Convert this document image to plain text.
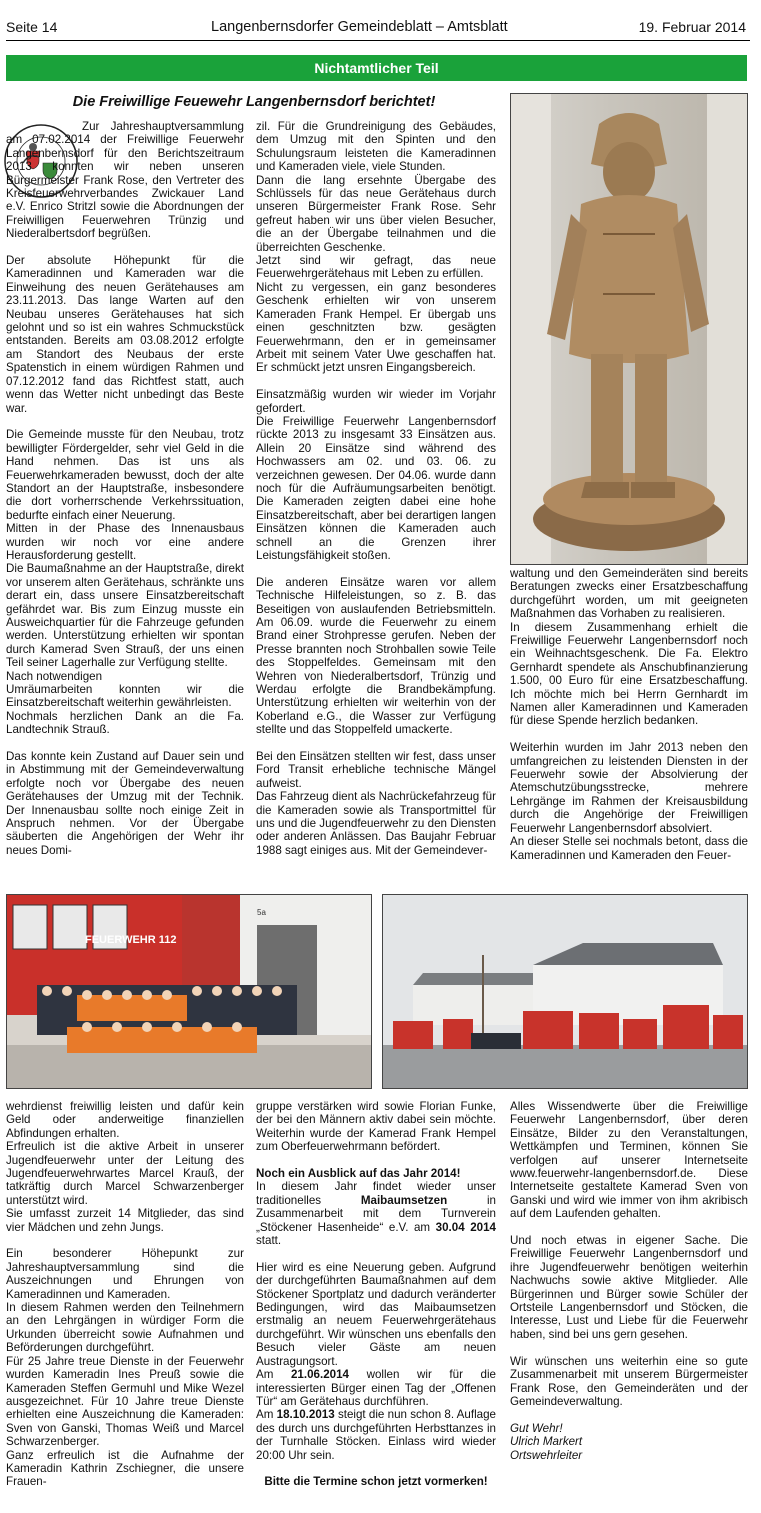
Seite 14	Langenbernsdorfer Gemeindeblatt – Amtsblatt	19. Februar 2014
Nichtamtlicher Teil
Die Freiwillige Feuewehr Langenbernsdorf berichtet!

Zur Jahreshauptversammlung am 07.02.2014 der Freiwillige Feuerwehr Langenbernsdorf für den Berichtszeitraum 2013 konnten wir neben unseren Bürgermeister Frank Rose, den Vertreter des Kreisfeuerwehrverbandes Zwickauer Land e.V. Enrico Stritzl sowie die Abordnungen der Freiwilligen Feuerwehren Trünzig und Niederalbertsdorf begrüßen.

Der absolute Höhepunkt für die Kameradinnen und Kameraden war die Einweihung des neuen Gerätehauses am 23.11.2013. Das lange Warten auf den Neubau unseres Gerätehauses hat sich gelohnt und so ist ein wahres Schmuckstück entstanden. Bereits am 03.08.2012 erfolgte am Standort des Neubaus der erste Spatenstich in einem würdigen Rahmen und 07.12.2012 fand das Richtfest statt, auch wenn das Wetter nicht unbedingt das Beste war.

Die Gemeinde musste für den Neubau, trotz bewilligter Fördergelder, sehr viel Geld in die Hand nehmen. Das ist uns als Feuerwehrkameraden bewusst, doch der alte Standort an der Hauptstraße, insbesondere die dort vorherrschende Verkehrssituation, bedurfte einfach einer Neuerung.

Mitten in der Phase des Innenausbaus wurden wir noch vor eine andere Herausforderung gestellt.

Die Baumaßnahme an der Hauptstraße, direkt vor unserem alten Gerätehaus, schränkte uns derart ein, dass unsere Einsatzbereitschaft gefährdet war. Bis zum Einzug musste ein Ausweichquartier für die Fahrzeuge gefunden werden. Unterstützung erhielten wir spontan durch Kamerad Sven Strauß, der uns einen Teil seiner Lagerhalle zur Verfügung stellte.

Nach notwendigen

Umräumarbeiten konnten wir die Einsatzbereitschaft weiterhin gewährleisten.

Nochmals herzlichen Dank an die Fa. Landtechnik Strauß.

Das konnte kein Zustand auf Dauer sein und in Abstimmung mit der Gemeindeverwaltung erfolgte noch vor Übergabe des neuen Gerätehauses der Umzug mit der Technik. Der Innenausbau sollte noch einige Zeit in Anspruch nehmen. Vor der Übergabe säuberten die Angehörigen der Wehr ihr neues Domi-

zil. Für die Grundreinigung des Gebäudes, dem Umzug mit den Spinten und den Schulungsraum leisteten die Kameradinnen und Kameraden viele, viele Stunden.

Dann die lang ersehnte Übergabe des Schlüssels für das neue Gerätehaus durch unseren Bürgermeister Frank Rose. Sehr gefreut haben wir uns über vielen Besucher, die an der Übergabe teilnahmen und die überreichten Geschenke.

Jetzt sind wir gefragt, das neue Feuerwehrgerätehaus mit Leben zu erfüllen.

Nicht zu vergessen, ein ganz besonderes Geschenk erhielten wir von unserem Kameraden Frank Hempel. Er übergab uns einen geschnitzten bzw. gesägten Feuerwehrmann, den er in gemeinsamer Arbeit mit seinem Vater Uwe geschaffen hat. Er schmückt jetzt unsren Eingangsbereich.

Einsatzmäßig wurden wir wieder im Vorjahr gefordert.

Die Freiwillige Feuerwehr Langenbernsdorf rückte 2013 zu insgesamt 33 Einsätzen aus. Allein 20 Einsätze sind während des Hochwassers am 02. und 03. 06. zu verzeichnen gewesen. Der 04.06. wurde dann noch für die Aufräumungsarbeiten benötigt. Die Kameraden zeigten dabei eine hohe Einsatzbereitschaft, aber bei derartigen langen Einsätzen können die Kameraden auch schnell an die Grenzen ihrer Leistungsfähigkeit stoßen.

Die anderen Einsätze waren vor allem Technische Hilfeleistungen, so z. B. das Beseitigen von auslaufenden Betriebsmitteln. Am 06.09. wurde die Feuerwehr zu einem Brand einer Strohpresse gerufen. Neben der Presse brannten noch Strohballen sowie Teile des Stoppelfeldes. Gemeinsam mit den Wehren von Niederalbertsdorf, Trünzig und Werdau erfolgte die Brandbekämpfung. Unterstützung erhielten wir weiterhin von der Koberland e.G., die Wasser zur Verfügung stellte und das Stoppelfeld umackerte.

Bei den Einsätzen stellten wir fest, dass unser Ford Transit erhebliche technische Mängel aufweist.

Das Fahrzeug dient als Nachrückefahrzeug für die Kameraden sowie als Transportmittel für uns und die Jugendfeuerwehr zu den Diensten oder anderen Anlässen. Das Baujahr Februar 1988 sagt einiges aus. Mit der Gemeindever-

waltung und den Gemeinderäten sind bereits Beratungen zwecks einer Ersatzbeschaffung durchgeführt worden, um mit geeigneten Maßnahmen das Vorhaben zu realisieren.

In diesem Zusammenhang erhielt die Freiwillige Feuerwehr Langenbernsdorf noch ein Weihnachtsgeschenk. Die Fa. Elektro Gernhardt spendete als Anschubfinanzierung 1.500, 00 Euro für eine Ersatzbeschaffung. Ich möchte mich bei Herrn Gernhardt im Namen aller Kameradinnen und Kameraden für diese Spende herzlich bedanken.

Weiterhin wurden im Jahr 2013 neben den umfangreichen zu leistenden Diensten in der Feuerwehr sowie der Absolvierung der Atemschutzübungsstrecke, mehrere Lehrgänge im Rahmen der Kreisausbildung durch die Angehörige der Freiwilligen Feuerwehr Langenbernsdorf absolviert.

An dieser Stelle sei nochmals betont, dass die Kameradinnen und Kameraden den Feuer-

FEUERWEHR 112
5a

wehrdienst freiwillig leisten und dafür kein Geld oder anderweitige finanziellen Abfindungen erhalten.

Erfreulich ist die aktive Arbeit in unserer Jugendfeuerwehr unter der Leitung des Jugendfeuerwehrwartes Marcel Krauß, der tatkräftig durch Marcel Schwarzenberger unterstützt wird.

Sie umfasst zurzeit 14 Mitglieder, das sind vier Mädchen und zehn Jungs.

Ein besonderer Höhepunkt zur Jahreshauptversammlung sind die Auszeichnungen und Ehrungen von Kameradinnen und Kameraden.

In diesem Rahmen werden den Teilnehmern an den Lehrgängen in würdiger Form die Urkunden überreicht sowie Aufnahmen und Beförderungen durchgeführt.

Für 25 Jahre treue Dienste in der Feuerwehr wurden Kameradin Ines Preuß sowie die Kameraden Steffen Germuhl und Mike Wezel ausgezeichnet. Für 10 Jahre treue Dienste erhielten eine Auszeichnung die Kameraden: Sven von Ganski, Thomas Weiß und Marcel Schwarzenberger.

Ganz erfreulich ist die Aufnahme der Kameradin Kathrin Zschiegner, die unsere Frauen-

gruppe verstärken wird sowie Florian Funke, der bei den Männern aktiv dabei sein möchte. Weiterhin wurde der Kamerad Frank Hempel zum Oberfeuerwehrmann befördert.

Noch ein Ausblick auf das Jahr 2014!

In diesem Jahr findet wieder unser traditionelles Maibaumsetzen in Zusammenarbeit mit dem Turnverein „Stöckener Hasenheide“ e.V. am 30.04 2014 statt.

Hier wird es eine Neuerung geben. Aufgrund der durchgeführten Baumaßnahmen auf dem Stöckener Sportplatz und dadurch veränderter Bedingungen, wird das Maibaumsetzen erstmalig an neuem Feuerwehrgerätehaus durchgeführt. Wir wünschen uns ebenfalls den Besuch vieler Gäste am neuen Austragungsort.

Am 21.06.2014 wollen wir für die interessierten Bürger einen Tag der „Offenen Tür“ am Gerätehaus durchführen.

Am 18.10.2013 steigt die nun schon 8. Auflage des durch uns durchgeführten Herbsttanzes in der Turnhalle Stöcken. Einlass wird wieder 20:00 Uhr sein.

Bitte die Termine schon jetzt vormerken!

Alles Wissendwerte über die Freiwillige Feuerwehr Langenbernsdorf, über deren Einsätze, Bilder zu den Veranstaltungen, Wettkämpfen und Terminen, können Sie verfolgen auf unserer Internetseite www.feuerwehr-langenbernsdorf.de. Diese Internetseite gestaltete Kamerad Sven von Ganski und wird wie immer von ihm akribisch auf dem Laufenden gehalten.

Und noch etwas in eigener Sache. Die Freiwillige Feuerwehr Langenbernsdorf und ihre Jugendfeuerwehr benötigen weiterhin Nachwuchs sowie aktive Mitglieder. Alle Bürgerinnen und Bürger sowie Schüler der Ortsteile Langenbernsdorf und Stöcken, die Interesse, Lust und Liebe für die Feuerwehr haben, sind bei uns gern gesehen.

Wir wünschen uns weiterhin eine so gute Zusammenarbeit mit unserem Bürgermeister Frank Rose, den Gemeinderäten und der Gemeindeverwaltung.

Gut Wehr!
Ulrich Markert
Ortswehrleiter
